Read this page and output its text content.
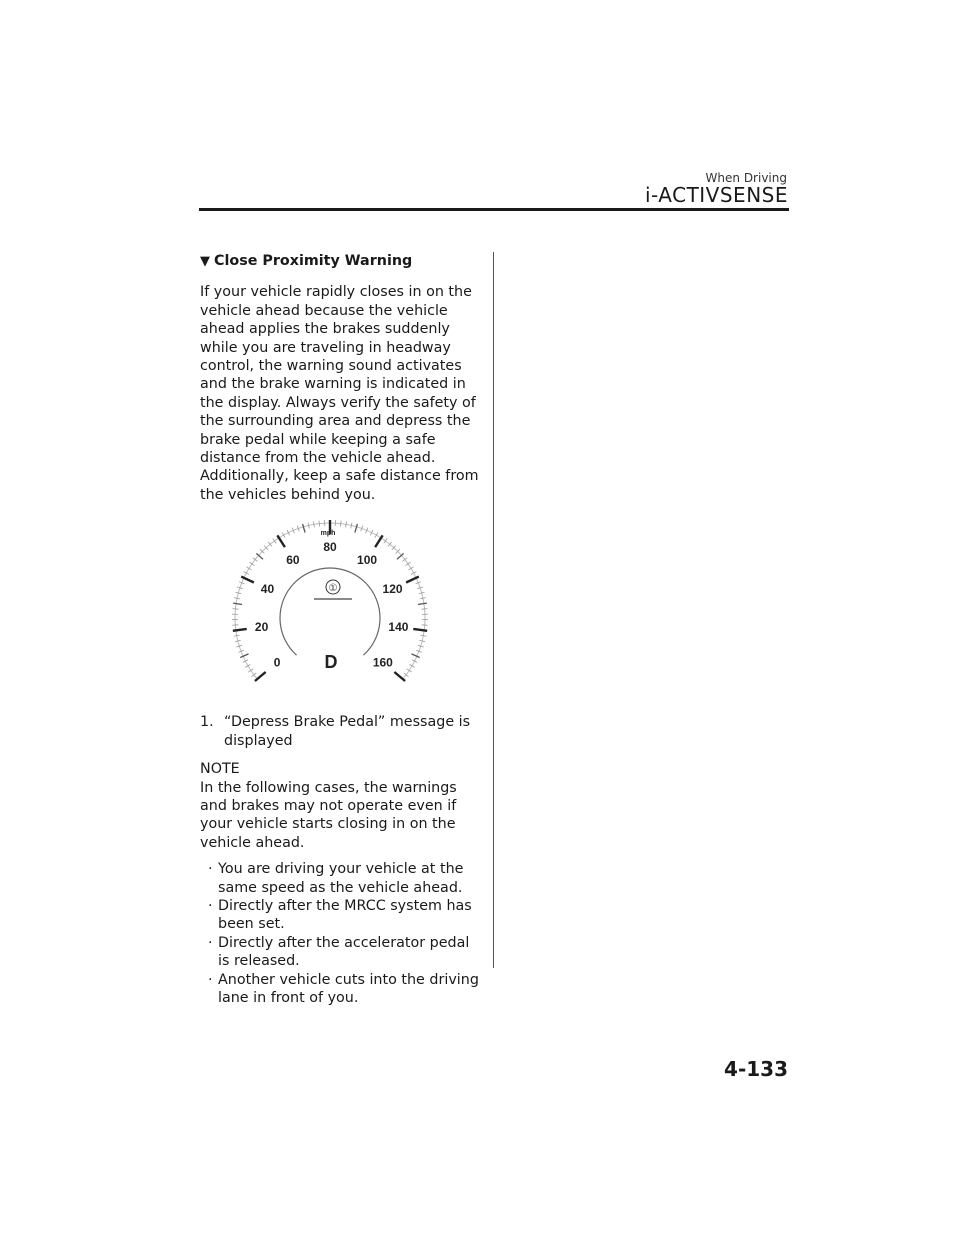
When Driving
i-ACTIVSENSE
▼ Close Proximity Warning

If your vehicle rapidly closes in on the vehicle ahead because the vehicle ahead applies the brakes suddenly while you are traveling in headway control, the warning sound activates and the brake warning is indicated in the display. Always verify the safety of the surrounding area and depress the brake pedal while keeping a safe distance from the vehicle ahead. Additionally, keep a safe distance from the vehicles behind you.

①
0
20
40
60
80
100
120
140
160
mph
D
1. “Depress Brake Pedal” message is displayed

NOTE

In the following cases, the warnings and brakes may not operate even if your vehicle starts closing in on the vehicle ahead.

· You are driving your vehicle at the same speed as the vehicle ahead.
· Directly after the MRCC system has been set.
· Directly after the accelerator pedal is released.
· Another vehicle cuts into the driving lane in front of you.
4-133
